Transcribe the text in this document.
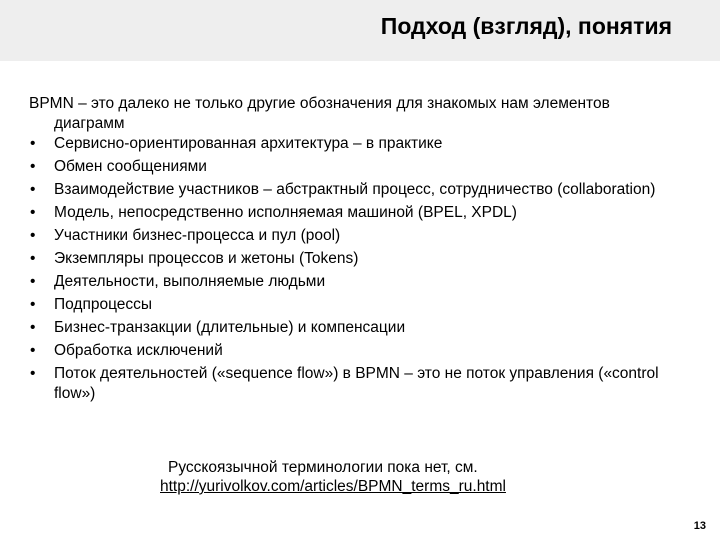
Подход (взгляд), понятия

BPMN – это далеко не только другие обозначения для знакомых нам элементов диаграмм

• Сервисно-ориентированная архитектура – в практике
• Обмен сообщениями
• Взаимодействие участников – абстрактный процесс, сотрудничество (collaboration)
• Модель, непосредственно исполняемая машиной (BPEL, XPDL)
• Участники бизнес-процесса и пул (pool)
• Экземпляры процессов и жетоны (Tokens)
• Деятельности, выполняемые людьми
• Подпроцессы
• Бизнес-транзакции (длительные) и компенсации
• Обработка исключений
• Поток деятельностей («sequence flow») в BPMN – это не поток управления («control flow»)
Русскоязычной терминологии пока нет, см.
http://yurivolkov.com/articles/BPMN_terms_ru.html
13
